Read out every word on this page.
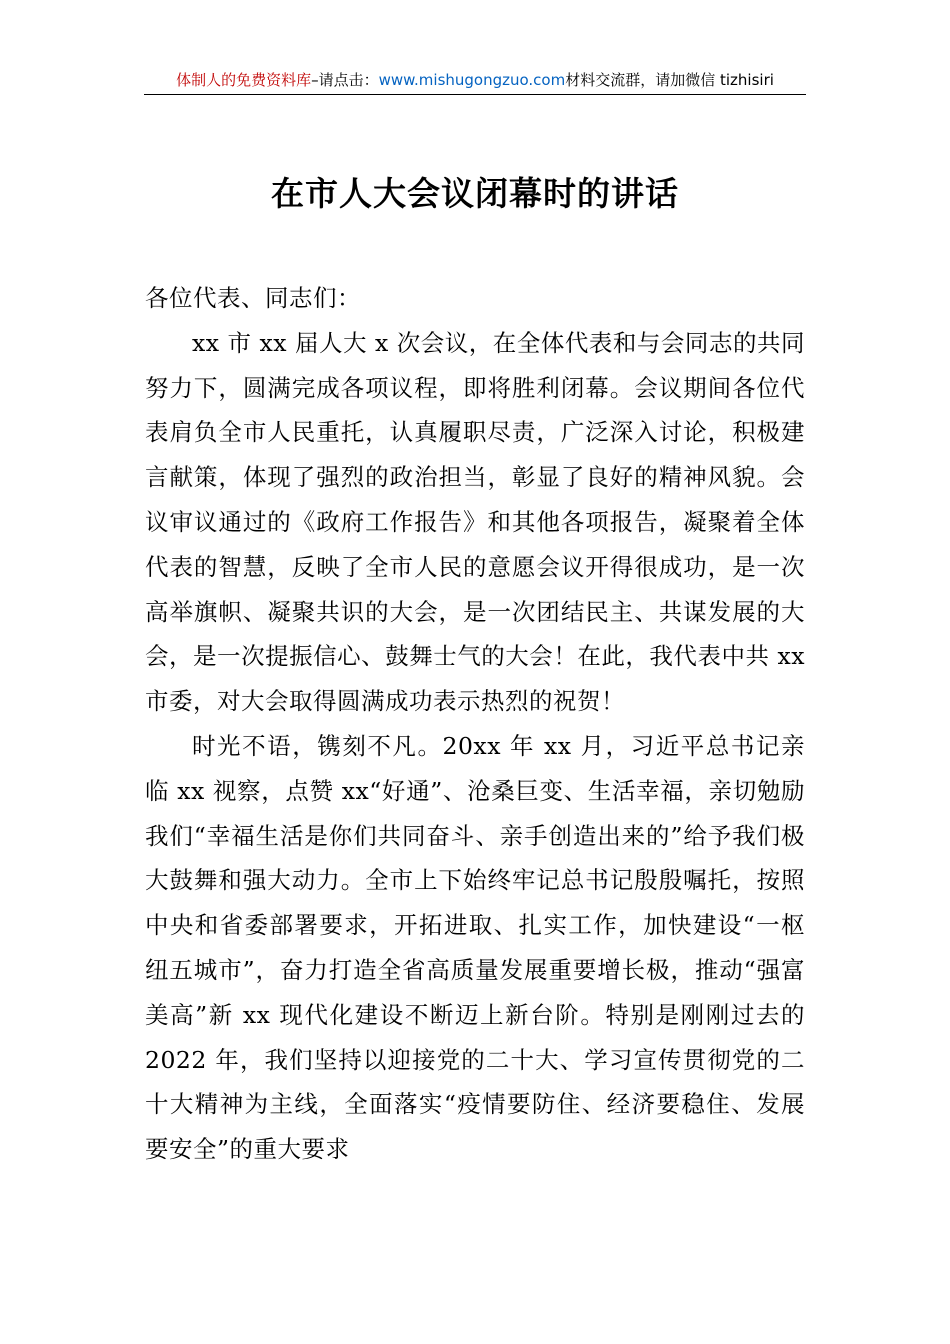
体制人的免费资料库–请点击：www.mishugongzuo.com材料交流群，请加微信 tizhisiri
在市人大会议闭幕时的讲话

各位代表、同志们：

xx 市 xx 届人大 x 次会议，在全体代表和与会同志的共同努力下，圆满完成各项议程，即将胜利闭幕。会议期间各位代表肩负全市人民重托，认真履职尽责，广泛深入讨论，积极建言献策，体现了强烈的政治担当，彰显了良好的精神风貌。会议审议通过的《政府工作报告》和其他各项报告，凝聚着全体代表的智慧，反映了全市人民的意愿会议开得很成功，是一次高举旗帜、凝聚共识的大会，是一次团结民主、共谋发展的大会，是一次提振信心、鼓舞士气的大会！在此，我代表中共 xx 市委，对大会取得圆满成功表示热烈的祝贺！

时光不语，镌刻不凡。20xx 年 xx 月，习近平总书记亲临 xx 视察，点赞 xx“好通”、沧桑巨变、生活幸福，亲切勉励我们“幸福生活是你们共同奋斗、亲手创造出来的”给予我们极大鼓舞和强大动力。全市上下始终牢记总书记殷殷嘱托，按照中央和省委部署要求，开拓进取、扎实工作，加快建设“一枢纽五城市”，奋力打造全省高质量发展重要增长极，推动“强富美高”新 xx 现代化建设不断迈上新台阶。特别是刚刚过去的 2022 年，我们坚持以迎接党的二十大、学习宣传贯彻党的二十大精神为主线，全面落实“疫情要防住、经济要稳住、发展要安全”的重大要求
